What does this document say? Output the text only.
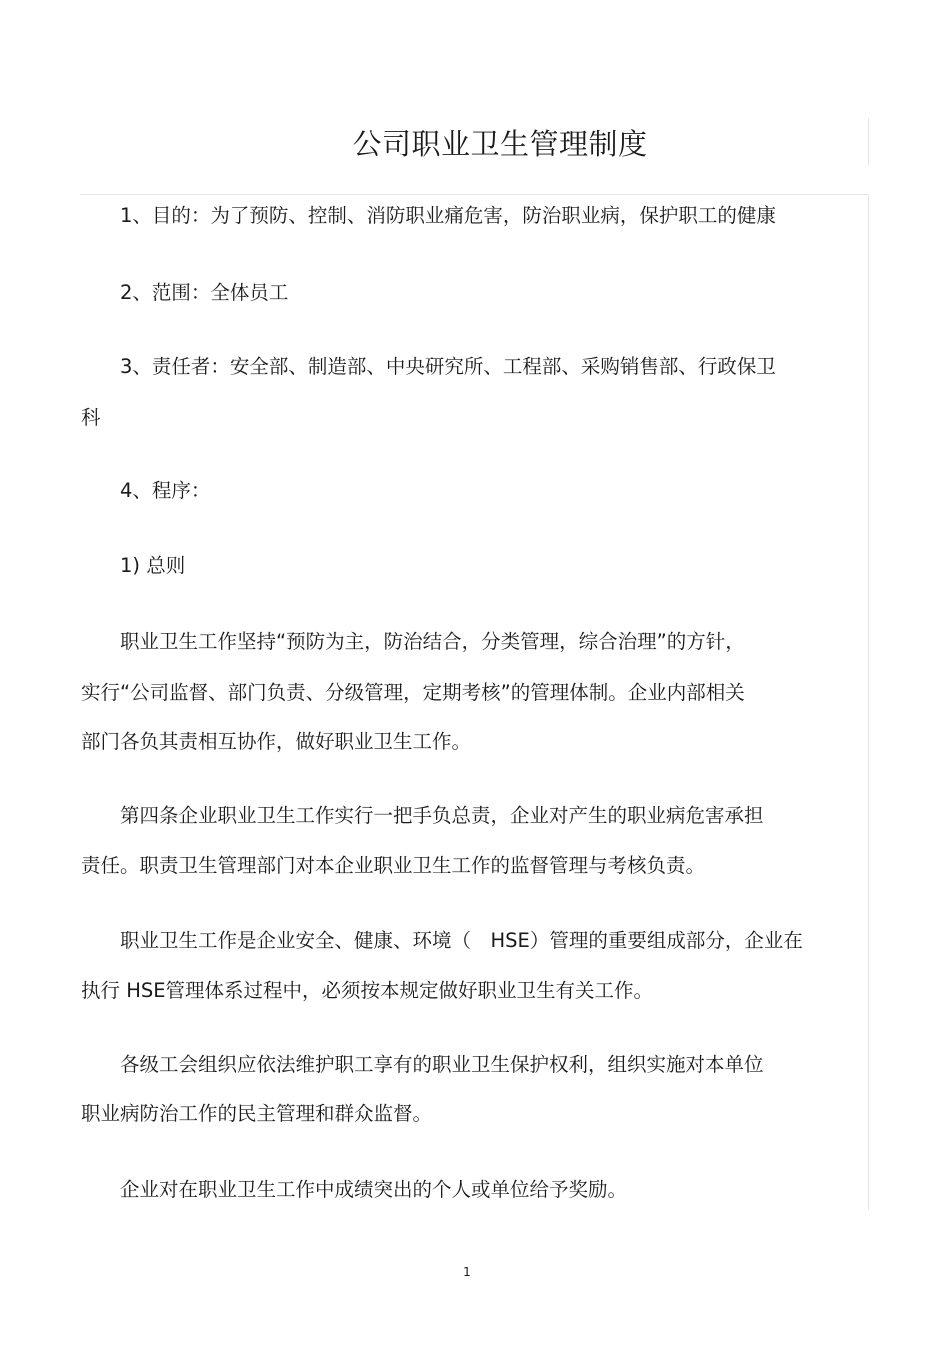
公司职业卫生管理制度
1、目的：为了预防、控制、消防职业痛危害，防治职业病，保护职工的健康
2、范围：全体员工
3、责任者：安全部、制造部、中央研究所、工程部、采购销售部、行政保卫
科
4、程序：
1) 总则
职业卫生工作坚持“预防为主，防治结合，分类管理，综合治理”的方针，
实行“公司监督、部门负责、分级管理，定期考核”的管理体制。企业内部相关
部门各负其责相互协作，做好职业卫生工作。
第四条企业职业卫生工作实行一把手负总责，企业对产生的职业病危害承担
责任。职责卫生管理部门对本企业职业卫生工作的监督管理与考核负责。
职业卫生工作是企业安全、健康、环境（　HSE）管理的重要组成部分，企业在
执行 HSE管理体系过程中，必须按本规定做好职业卫生有关工作。
各级工会组织应依法维护职工享有的职业卫生保护权利，组织实施对本单位
职业病防治工作的民主管理和群众监督。
企业对在职业卫生工作中成绩突出的个人或单位给予奖励。
1
